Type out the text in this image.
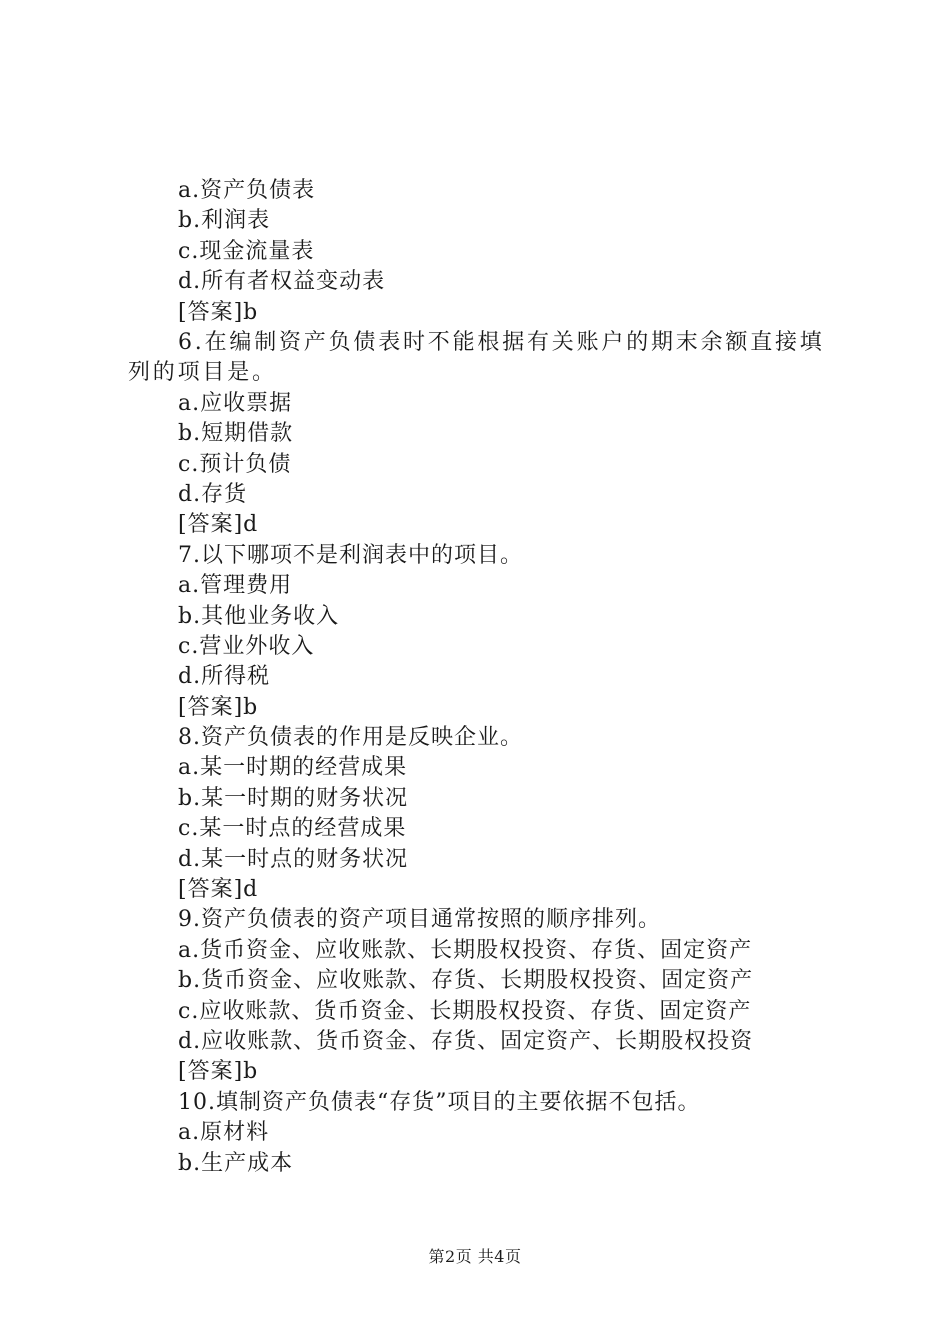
a.资产负债表
b.利润表
c.现金流量表
d.所有者权益变动表
[答案]b
6.在编制资产负债表时不能根据有关账户的期末余额直接填列的项目是。
a.应收票据
b.短期借款
c.预计负债
d.存货
[答案]d
7.以下哪项不是利润表中的项目。
a.管理费用
b.其他业务收入
c.营业外收入
d.所得税
[答案]b
8.资产负债表的作用是反映企业。
a.某一时期的经营成果
b.某一时期的财务状况
c.某一时点的经营成果
d.某一时点的财务状况
[答案]d
9.资产负债表的资产项目通常按照的顺序排列。
a.货币资金、应收账款、长期股权投资、存货、固定资产
b.货币资金、应收账款、存货、长期股权投资、固定资产
c.应收账款、货币资金、长期股权投资、存货、固定资产
d.应收账款、货币资金、存货、固定资产、长期股权投资
[答案]b
10.填制资产负债表“存货”项目的主要依据不包括。
a.原材料
b.生产成本
第2页 共4页
